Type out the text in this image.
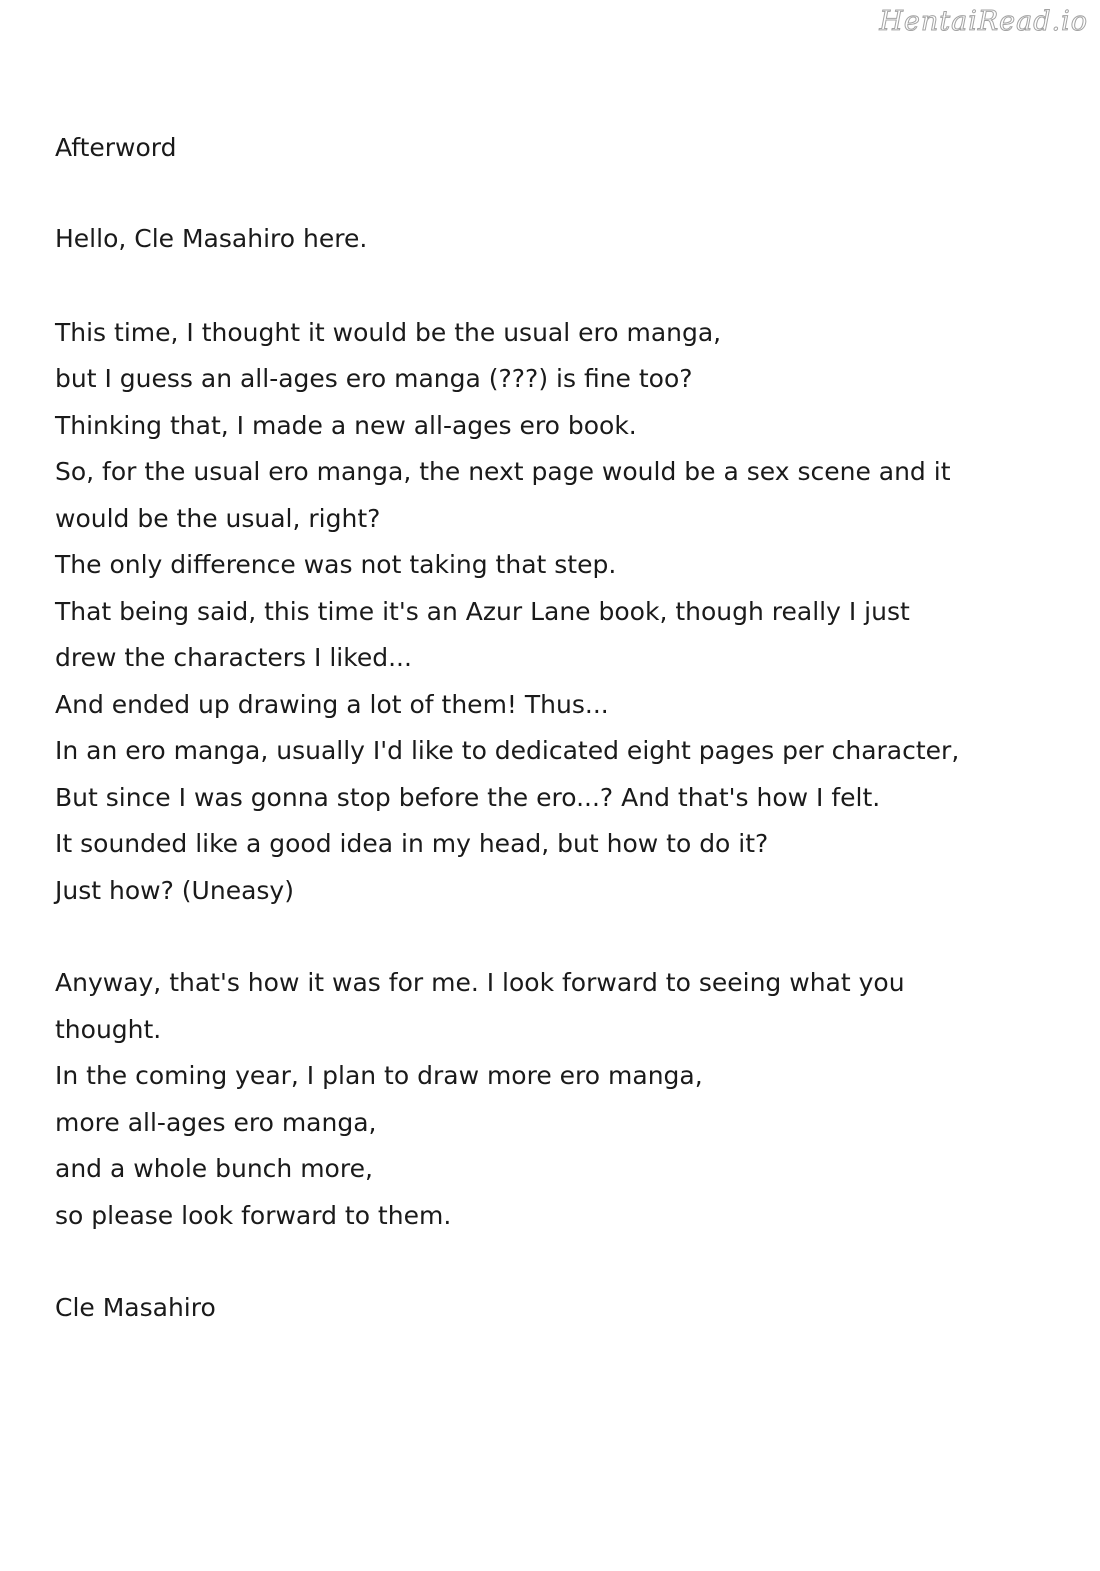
HentaiRead.io
Afterword
Hello, Cle Masahiro here.
This time, I thought it would be the usual ero manga,
but I guess an all-ages ero manga (???) is fine too?
Thinking that, I made a new all-ages ero book.
So, for the usual ero manga, the next page would be a sex scene and it
would be the usual, right?
The only difference was not taking that step.
That being said, this time it's an Azur Lane book, though really I just
drew the characters I liked...
And ended up drawing a lot of them! Thus...
In an ero manga, usually I'd like to dedicated eight pages per character,
But since I was gonna stop before the ero...? And that's how I felt.
It sounded like a good idea in my head, but how to do it?
Just how? (Uneasy)
Anyway, that's how it was for me. I look forward to seeing what you
thought.
In the coming year, I plan to draw more ero manga,
more all-ages ero manga,
and a whole bunch more,
so please look forward to them.
Cle Masahiro
